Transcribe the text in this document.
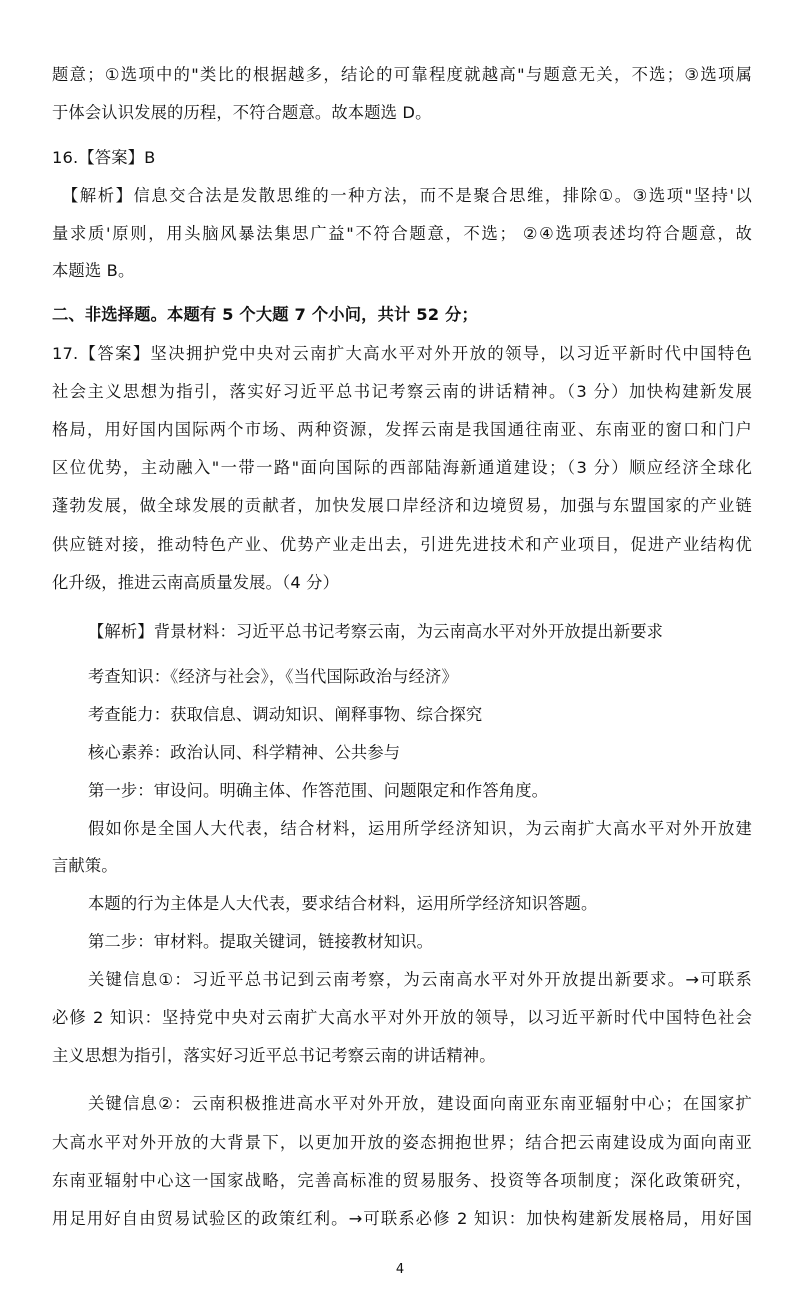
题意；①选项中的"类比的根据越多，结论的可靠程度就越高"与题意无关，不选；③选项属
于体会认识发展的历程，不符合题意。故本题选 D。
16.【答案】B
【解析】信息交合法是发散思维的一种方法，而不是聚合思维，排除①。③选项"坚持'以
量求质'原则，用头脑风暴法集思广益"不符合题意，不选； ②④选项表述均符合题意，故
本题选 B。
二、非选择题。本题有 5 个大题 7 个小问，共计 52 分；
17.【答案】坚决拥护党中央对云南扩大高水平对外开放的领导，以习近平新时代中国特色
社会主义思想为指引，落实好习近平总书记考察云南的讲话精神。（3 分）加快构建新发展
格局，用好国内国际两个市场、两种资源，发挥云南是我国通往南亚、东南亚的窗口和门户
区位优势，主动融入"一带一路"面向国际的西部陆海新通道建设；（3 分）顺应经济全球化
蓬勃发展，做全球发展的贡献者，加快发展口岸经济和边境贸易，加强与东盟国家的产业链
供应链对接，推动特色产业、优势产业走出去，引进先进技术和产业项目，促进产业结构优
化升级，推进云南高质量发展。（4 分）
【解析】背景材料：习近平总书记考察云南，为云南高水平对外开放提出新要求
考查知识：《经济与社会》，《当代国际政治与经济》
考查能力：获取信息、调动知识、阐释事物、综合探究
核心素养：政治认同、科学精神、公共参与
第一步：审设问。明确主体、作答范围、问题限定和作答角度。
假如你是全国人大代表，结合材料，运用所学经济知识，为云南扩大高水平对外开放建
言献策。
本题的行为主体是人大代表，要求结合材料，运用所学经济知识答题。
第二步：审材料。提取关键词，链接教材知识。
关键信息①：习近平总书记到云南考察，为云南高水平对外开放提出新要求。→可联系
必修 2 知识：坚持党中央对云南扩大高水平对外开放的领导，以习近平新时代中国特色社会
主义思想为指引，落实好习近平总书记考察云南的讲话精神。
关键信息②：云南积极推进高水平对外开放，建设面向南亚东南亚辐射中心；在国家扩
大高水平对外开放的大背景下，以更加开放的姿态拥抱世界；结合把云南建设成为面向南亚
东南亚辐射中心这一国家战略，完善高标准的贸易服务、投资等各项制度；深化政策研究，
用足用好自由贸易试验区的政策红利。→可联系必修 2 知识：加快构建新发展格局，用好国
4
